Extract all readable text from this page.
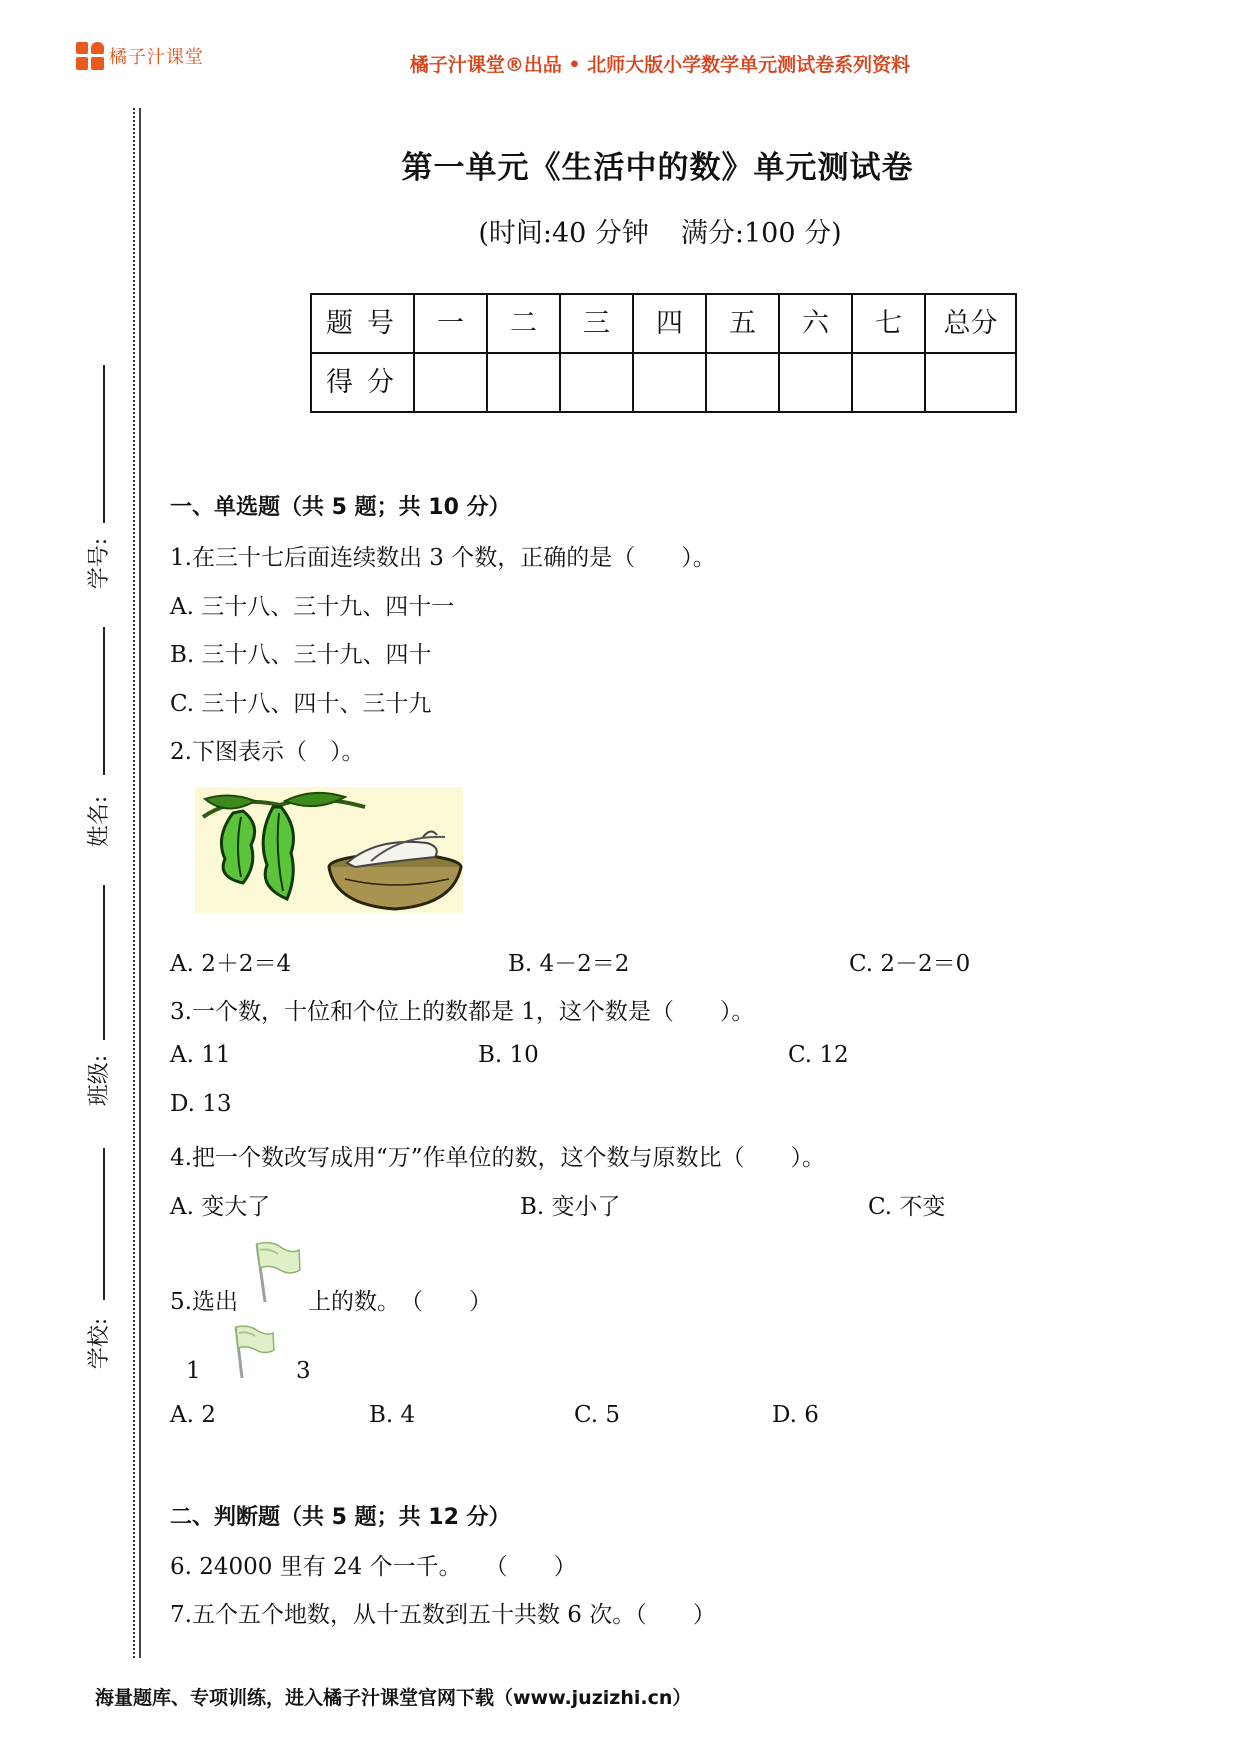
橘子汁课堂	橘子汁课堂®出品 • 北师大版小学数学单元测试卷系列资料
学号:
姓名:
班级:
学校:
第一单元《生活中的数》单元测试卷
(时间:40 分钟 满分:100 分)
题号	一	二	三	四	五	六	七	总分
得分								
一、单选题（共 5 题；共 10 分）
1.在三十七后面连续数出 3 个数，正确的是（　　）。
A. 三十八、三十九、四十一
B. 三十八、三十九、四十
C. 三十八、四十、三十九
2.下图表示（　）。
A. 2＋2＝4	B. 4－2＝2	C. 2－2＝0
3.一个数，十位和个位上的数都是 1，这个数是（　　）。
A. 11	B. 10	C. 12
D. 13
4.把一个数改写成用“万”作单位的数，这个数与原数比（　　）。
A. 变大了	B. 变小了	C. 不变
5.选出	上的数。　（　　）
1	3
A. 2	B. 4	C. 5	D. 6
二、判断题（共 5 题；共 12 分）
6. 24000 里有 24 个一千。　　（　　）
7.五个五个地数，从十五数到五十共数 6 次。（　　）
海量题库、专项训练，进入橘子汁课堂官网下载（www.juzizhi.cn）
